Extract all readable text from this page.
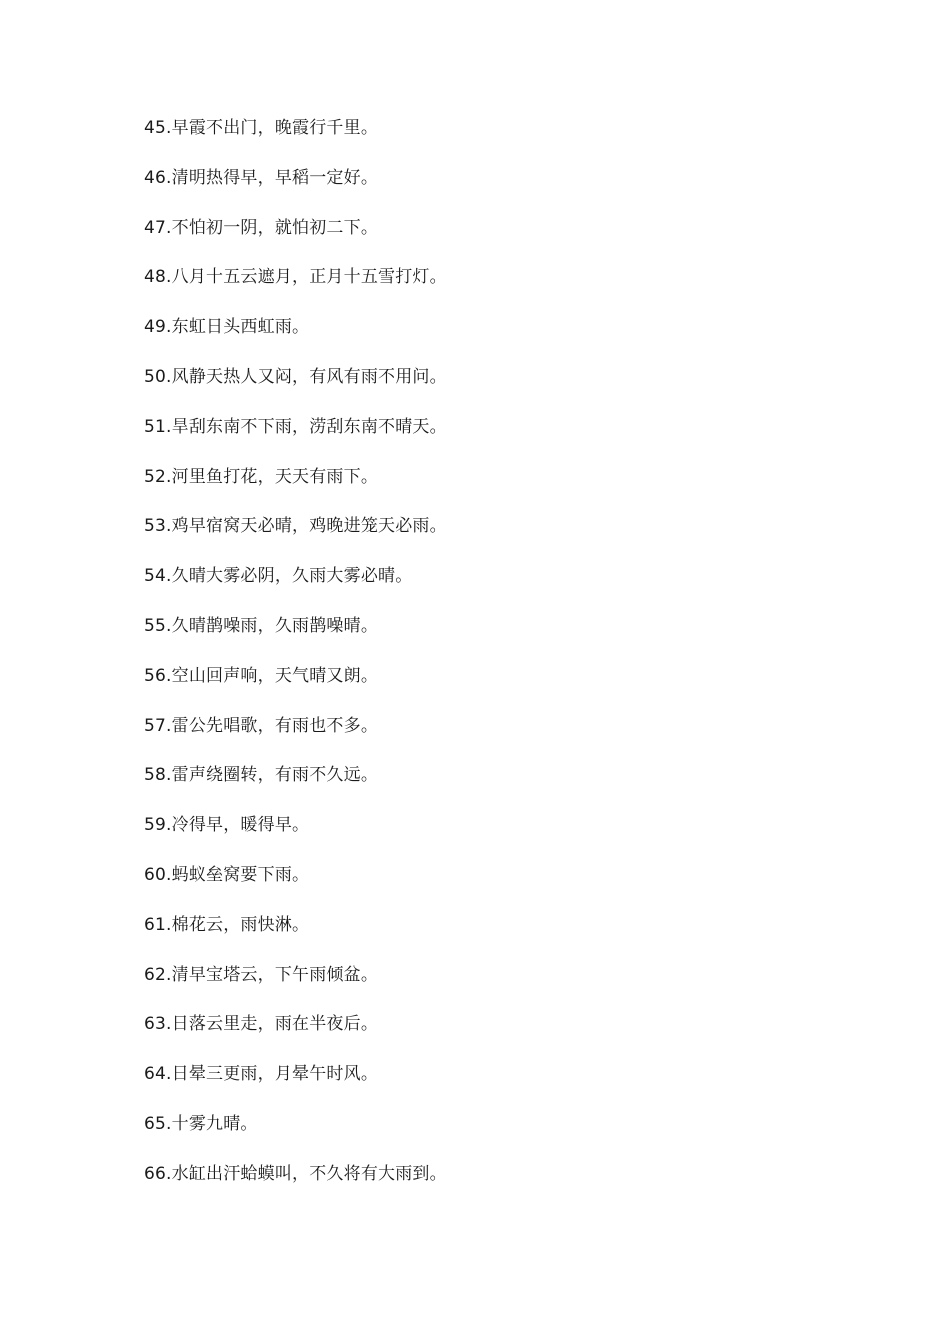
45.早霞不出门，晚霞行千里。
46.清明热得早，早稻一定好。
47.不怕初一阴，就怕初二下。
48.八月十五云遮月，正月十五雪打灯。
49.东虹日头西虹雨。
50.风静天热人又闷，有风有雨不用问。
51.旱刮东南不下雨，涝刮东南不晴天。
52.河里鱼打花，天天有雨下。
53.鸡早宿窝天必晴，鸡晚进笼天必雨。
54.久晴大雾必阴，久雨大雾必晴。
55.久晴鹊噪雨，久雨鹊噪晴。
56.空山回声响，天气晴又朗。
57.雷公先唱歌，有雨也不多。
58.雷声绕圈转，有雨不久远。
59.冷得早，暖得早。
60.蚂蚁垒窝要下雨。
61.棉花云，雨快淋。
62.清早宝塔云，下午雨倾盆。
63.日落云里走，雨在半夜后。
64.日晕三更雨，月晕午时风。
65.十雾九晴。
66.水缸出汗蛤蟆叫，不久将有大雨到。
